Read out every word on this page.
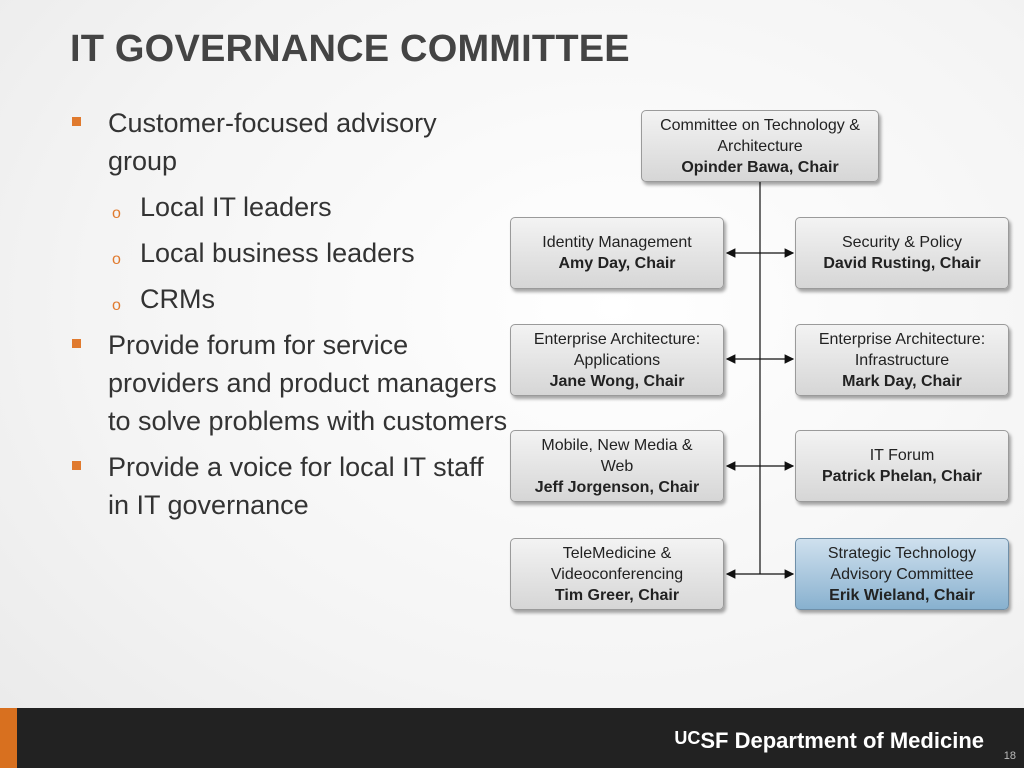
IT GOVERNANCE COMMITTEE
Customer-focused advisory group
o Local IT leaders
o Local business leaders
o CRMs
Provide forum for service providers and product managers to solve problems with customers
Provide a voice for local IT staff in IT governance
Committee on Technology & Architecture
Opinder Bawa, Chair
Identity Management
Amy Day, Chair
Enterprise Architecture: Applications
Jane Wong, Chair
Mobile, New Media & Web
Jeff Jorgenson, Chair
TeleMedicine & Videoconferencing
Tim Greer, Chair
Security & Policy
David Rusting, Chair
Enterprise Architecture: Infrastructure
Mark Day, Chair
IT Forum
Patrick Phelan, Chair
Strategic Technology Advisory Committee
Erik Wieland, Chair
$^{UC}$SF Department of Medicine
18
